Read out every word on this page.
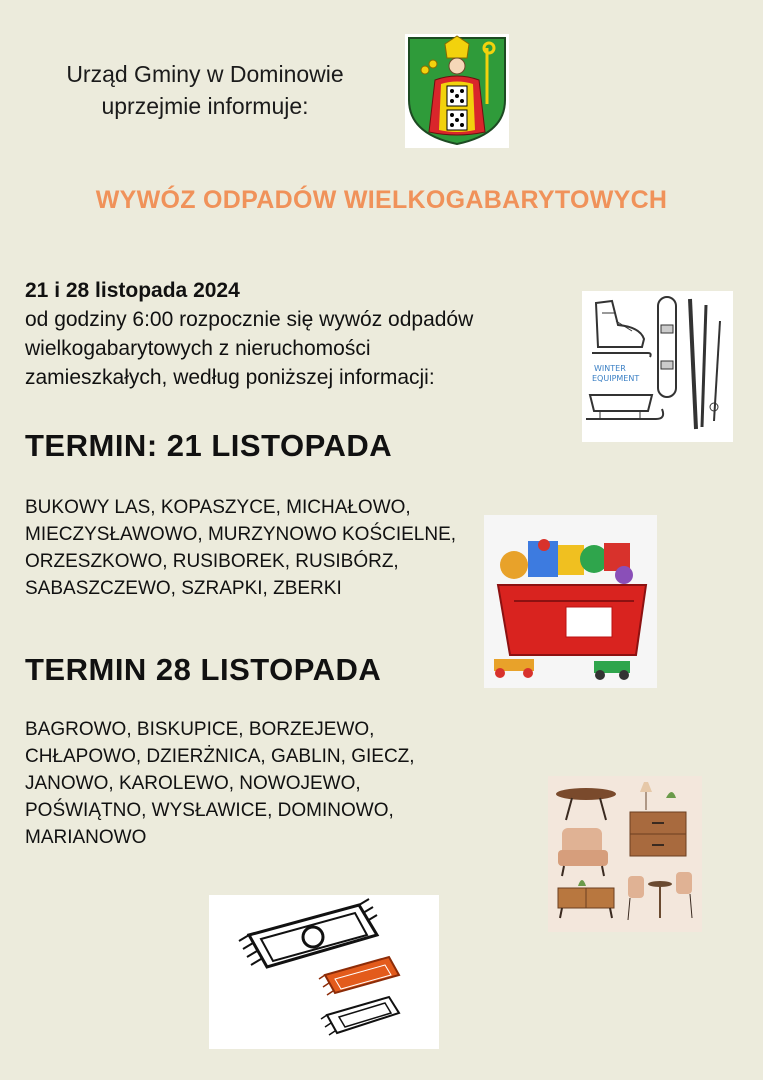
Urząd Gminy w Dominowie
uprzejmie informuje:
WYWÓZ ODPADÓW WIELKOGABARYTOWYCH
21 i 28 listopada 2024
od godziny 6:00 rozpocznie się wywóz odpadów
wielkogabarytowych z nieruchomości
zamieszkałych, według poniższej informacji:	WINTER
EQUIPMENT
TERMIN: 21 LISTOPADA
BUKOWY LAS, KOPASZYCE, MICHAŁOWO,
MIECZYSŁAWOWO, MURZYNOWO KOŚCIELNE,
ORZESZKOWO, RUSIBOREK, RUSIBÓRZ,
SABASZCZEWO, SZRAPKI, ZBERKI
TERMIN 28 LISTOPADA
BAGROWO, BISKUPICE, BORZEJEWO,
CHŁAPOWO, DZIERŻNICA, GABLIN, GIECZ,
JANOWO, KAROLEWO, NOWOJEWO,
POŚWIĄTNO, WYSŁAWICE, DOMINOWO,
MARIANOWO
